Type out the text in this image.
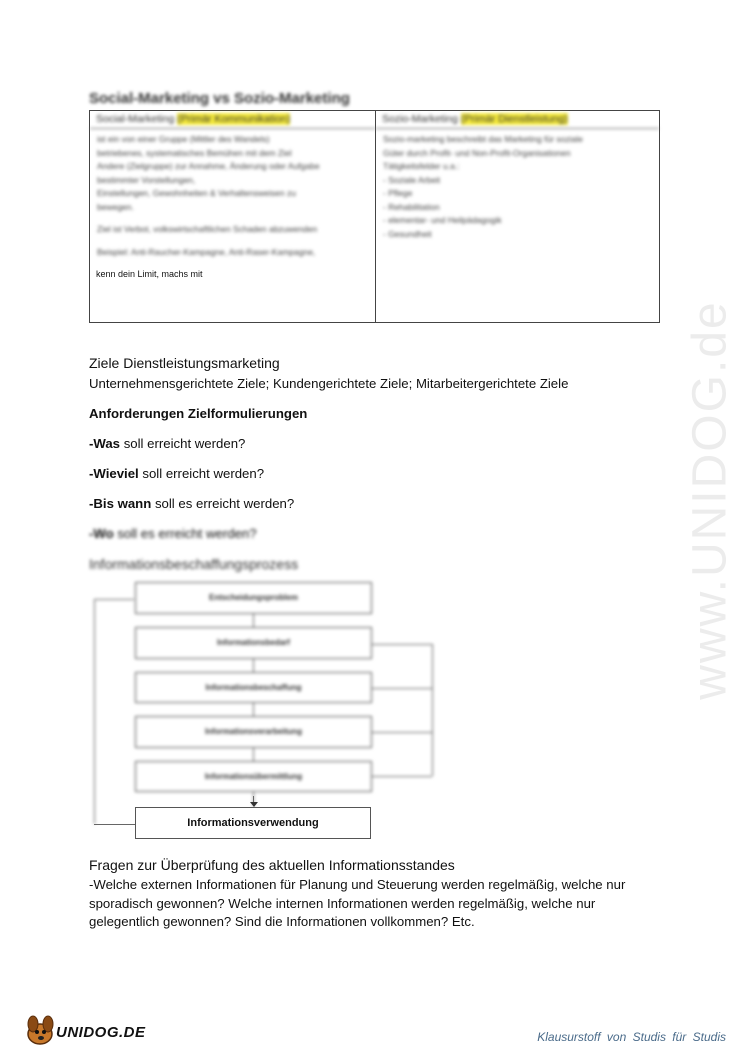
Social-Marketing vs Sozio-Marketing
Social-Marketing (Primär Kommunikation)

ist ein von einer Gruppe (Mittler des Wandels)

betriebenes, systematisches Bemühen mit dem Ziel

Andere (Zielgruppe) zur Annahme, Änderung oder Aufgabe

bestimmter Vorstellungen,

Einstellungen, Gewohnheiten & Verhaltensweisen zu

bewegen.

Ziel ist Verbot, volkswirtschaftlichen Schaden abzuwenden

Beispiel: Anti-Raucher-Kampagne, Anti-Raser-Kampagne,

Sozio-Marketing (Primär Dienstleistung)

Sozio-marketing beschreibt das Marketing für soziale

Güter durch Profit- und Non-Profit-Organisationen

Tätigkeitsfelder u.a.:

- Soziale Arbeit

- Pflege

- Rehabilitation

- elementar- und Heilpädagogik

- Gesundheit

kenn dein Limit, machs mit
Ziele Dienstleistungsmarketing
Unternehmensgerichtete Ziele; Kundengerichtete Ziele; Mitarbeitergerichtete Ziele
Anforderungen Zielformulierungen
-Was soll erreicht werden?
-Wieviel soll erreicht werden?
-Bis wann soll es erreicht werden?
-Wo soll es erreicht werden?
Informationsbeschaffungsprozess
Entscheidungsproblem
Informationsbedarf
Informationsbeschaffung
Informationsverarbeitung
Informationsübermittlung
Informationsverwendung
Fragen zur Überprüfung des aktuellen Informationsstandes
-Welche externen Informationen für Planung und Steuerung werden regelmäßig, welche nur
sporadisch gewonnen? Welche internen Informationen werden regelmäßig, welche nur
gelegentlich gewonnen? Sind die Informationen vollkommen? Etc.
www.UNIDOG.de
UNIDOG.DE	Klausurstoff von Studis für Studis
